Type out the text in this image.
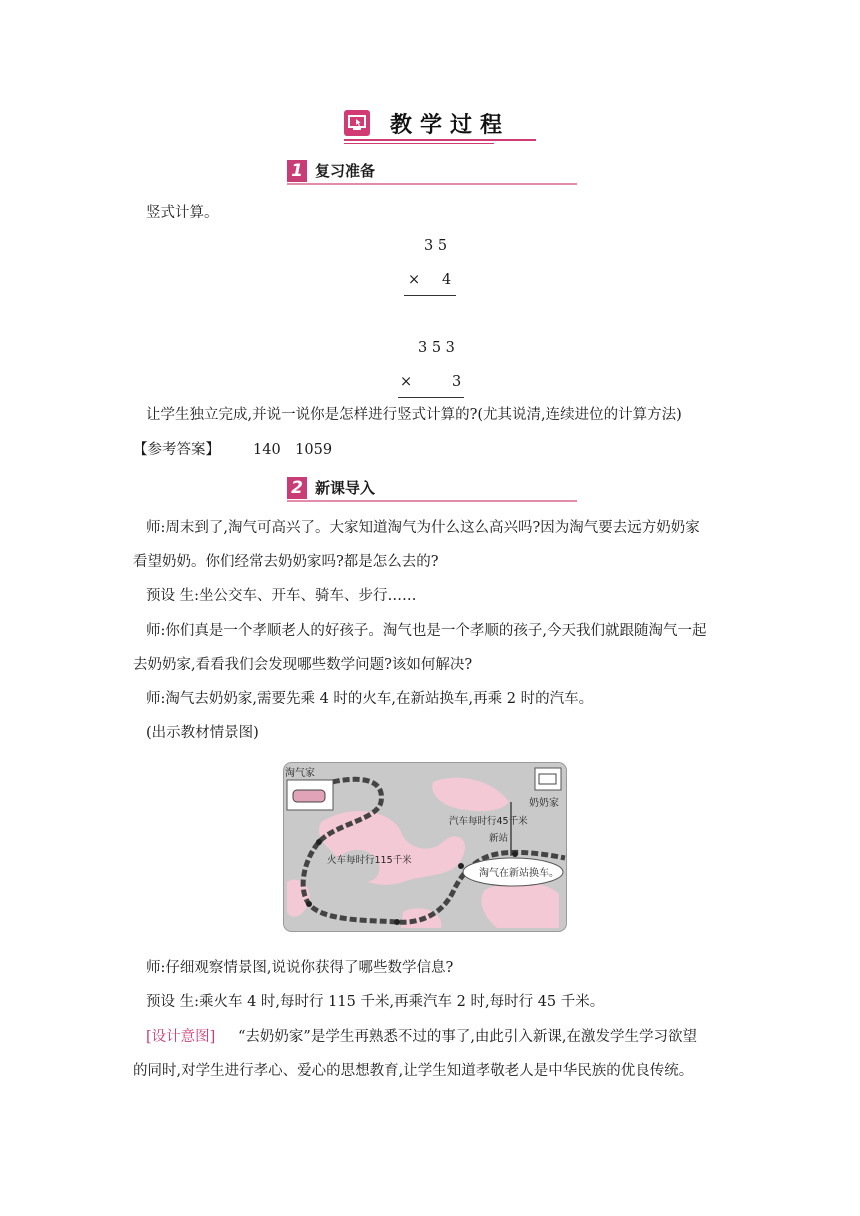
教学过程
1 复习准备
竖式计算。
3 5
× 4
3 5 3
×	3
让学生独立完成,并说一说你是怎样进行竖式计算的?(尤其说清,连续进位的计算方法)
【参考答案】 140　1059
2 新课导入
师:周末到了,淘气可高兴了。大家知道淘气为什么这么高兴吗?因为淘气要去远方奶奶家
看望奶奶。你们经常去奶奶家吗?都是怎么去的?
预设 生:坐公交车、开车、骑车、步行……
师:你们真是一个孝顺老人的好孩子。淘气也是一个孝顺的孩子,今天我们就跟随淘气一起
去奶奶家,看看我们会发现哪些数学问题?该如何解决?
师:淘气去奶奶家,需要先乘 4 时的火车,在新站换车,再乘 2 时的汽车。
(出示教材情景图)
淘气在新站换车。
淘气家
奶奶家
汽车每时行45千米
新站
火车每时行115千米
师:仔细观察情景图,说说你获得了哪些数学信息?
预设 生:乘火车 4 时,每时行 115 千米,再乘汽车 2 时,每时行 45 千米。
[设计意图] “去奶奶家”是学生再熟悉不过的事了,由此引入新课,在激发学生学习欲望
的同时,对学生进行孝心、爱心的思想教育,让学生知道孝敬老人是中华民族的优良传统。
